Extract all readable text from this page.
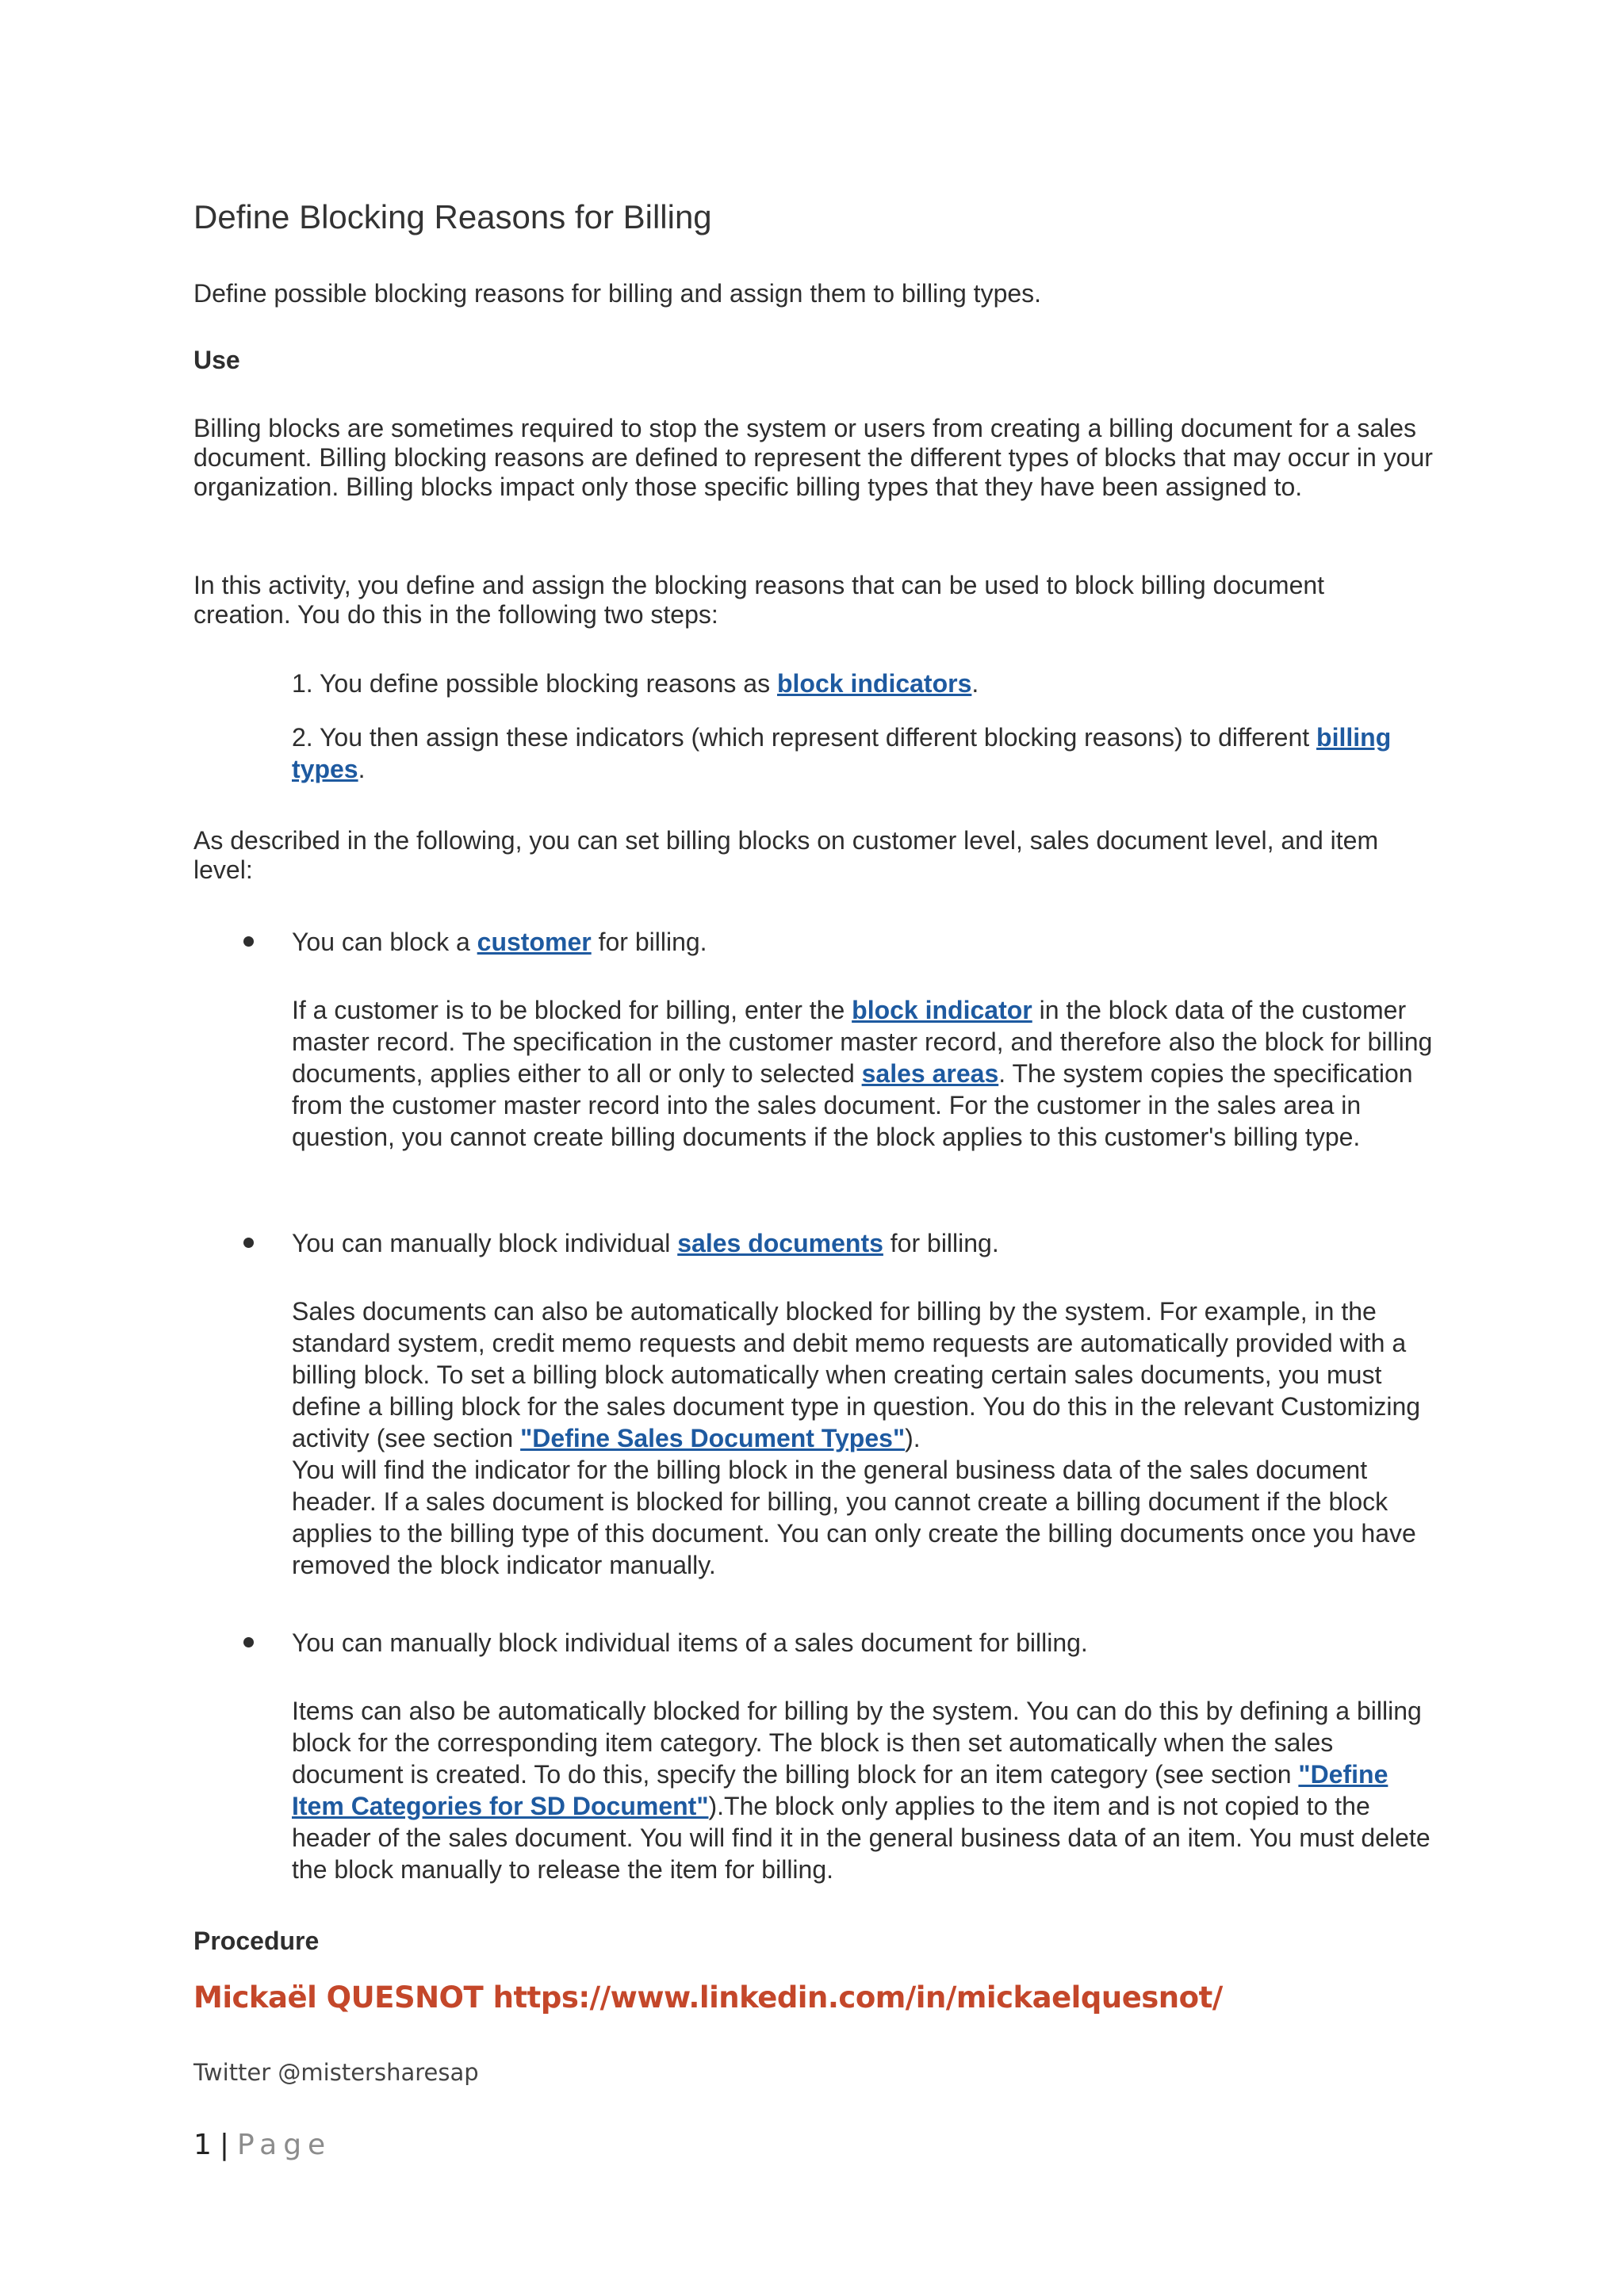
Define Blocking Reasons for Billing

Define possible blocking reasons for billing and assign them to billing types.

Use

Billing blocks are sometimes required to stop the system or users from creating a billing document for a sales document. Billing blocking reasons are defined to represent the different types of blocks that may occur in your organization. Billing blocks impact only those specific billing types that they have been assigned to.

In this activity, you define and assign the blocking reasons that can be used to block billing document creation. You do this in the following two steps:

1. You define possible blocking reasons as block indicators.

2. You then assign these indicators (which represent different blocking reasons) to different billing types.

As described in the following, you can set billing blocks on customer level, sales document level, and item level:

You can block a customer for billing.

If a customer is to be blocked for billing, enter the block indicator in the block data of the customer master record. The specification in the customer master record, and therefore also the block for billing documents, applies either to all or only to selected sales areas. The system copies the specification from the customer master record into the sales document. For the customer in the sales area in question, you cannot create billing documents if the block applies to this customer's billing type.

You can manually block individual sales documents for billing.

Sales documents can also be automatically blocked for billing by the system. For example, in the standard system, credit memo requests and debit memo requests are automatically provided with a billing block. To set a billing block automatically when creating certain sales documents, you must define a billing block for the sales document type in question. You do this in the relevant Customizing activity (see section "Define Sales Document Types").
You will find the indicator for the billing block in the general business data of the sales document header. If a sales document is blocked for billing, you cannot create a billing document if the block applies to the billing type of this document. You can only create the billing documents once you have removed the block indicator manually.

You can manually block individual items of a sales document for billing.

Items can also be automatically blocked for billing by the system. You can do this by defining a billing block for the corresponding item category. The block is then set automatically when the sales document is created. To do this, specify the billing block for an item category (see section "Define Item Categories for SD Document").The block only applies to the item and is not copied to the header of the sales document. You will find it in the general business data of an item. You must delete the block manually to release the item for billing.

Procedure

Mickaël QUESNOT https://www.linkedin.com/in/mickaelquesnot/

Twitter @mistersharesap

1 | Page
